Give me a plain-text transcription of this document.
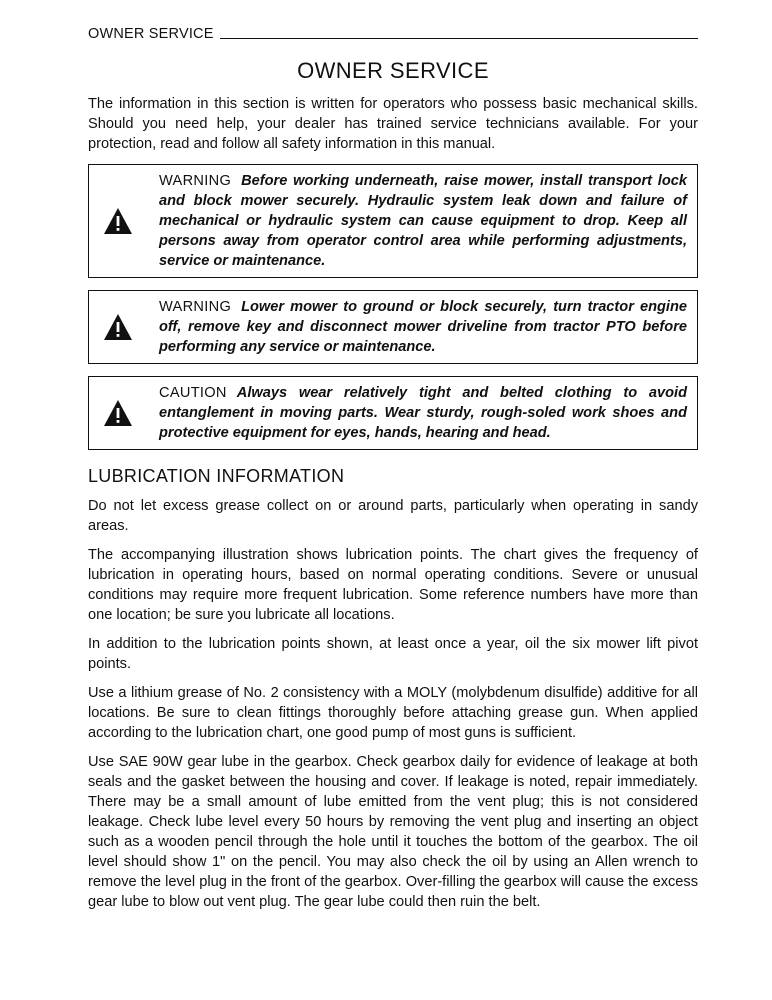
OWNER SERVICE
OWNER SERVICE

The information in this section is written for operators who possess basic mechanical skills. Should you need help, your dealer has trained service technicians available. For your protection, read and follow all safety information in this manual.

WARNING Before working underneath, raise mower, install transport lock and block mower securely. Hydraulic system leak down and failure of mechanical or hydraulic system can cause equipment to drop. Keep all persons away from operator control area while performing adjustments, service or maintenance.

WARNING Lower mower to ground or block securely, turn tractor engine off, remove key and disconnect mower driveline from tractor PTO before performing any service or maintenance.

CAUTION Always wear relatively tight and belted clothing to avoid entanglement in moving parts. Wear sturdy, rough-soled work shoes and protective equipment for eyes, hands, hearing and head.

LUBRICATION INFORMATION

Do not let excess grease collect on or around parts, particularly when operating in sandy areas.

The accompanying illustration shows lubrication points. The chart gives the frequency of lubrication in operating hours, based on normal operating conditions. Severe or unusual conditions may require more frequent lubrication. Some reference numbers have more than one location; be sure you lubricate all locations.

In addition to the lubrication points shown, at least once a year, oil the six mower lift pivot points.

Use a lithium grease of No. 2 consistency with a MOLY (molybdenum disulfide) additive for all locations. Be sure to clean fittings thoroughly before attaching grease gun. When applied according to the lubrication chart, one good pump of most guns is sufficient.

Use SAE 90W gear lube in the gearbox. Check gearbox daily for evidence of leakage at both seals and the gasket between the housing and cover. If leakage is noted, repair immediately. There may be a small amount of lube emitted from the vent plug; this is not considered leakage. Check lube level every 50 hours by removing the vent plug and inserting an object such as a wooden pencil through the hole until it touches the bottom of the gearbox. The oil level should show 1" on the pencil. You may also check the oil by using an Allen wrench to remove the level plug in the front of the gearbox. Over-filling the gearbox will cause the excess gear lube to blow out vent plug. The gear lube could then ruin the belt.
